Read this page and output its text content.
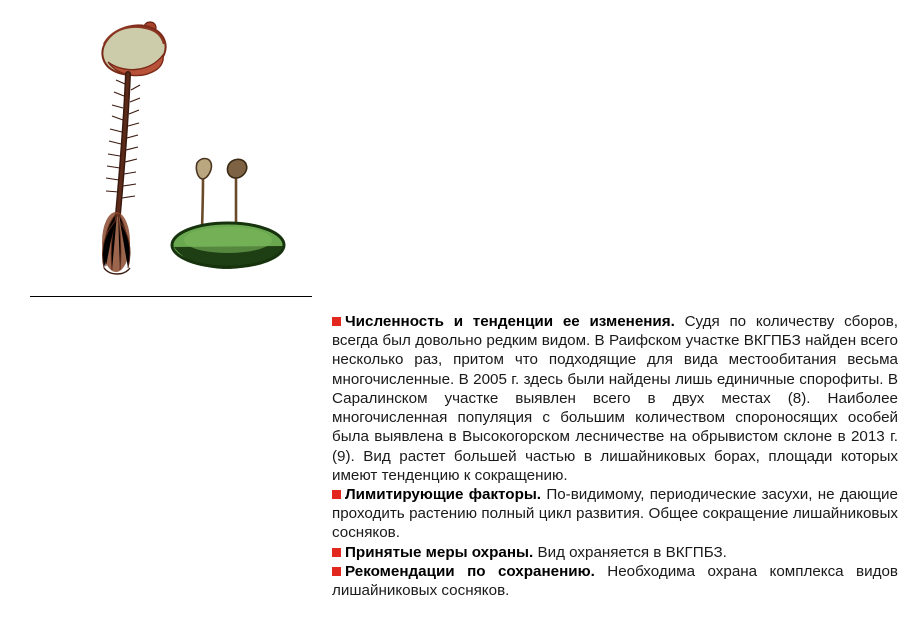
Численность и тенденции ее изменения. Судя по количеству сборов, всегда был довольно редким видом. В Раифском участке ВКГПБЗ найден всего несколько раз, притом что подходящие для вида местообитания весьма многочисленные. В 2005 г. здесь были найдены лишь единичные спорофиты. В Саралинском участке выявлен всего в двух местах (8). Наиболее многочисленная популяция с большим количеством спороносящих особей была выявлена в Высокогорском лесничестве на обрывистом склоне в 2013 г. (9). Вид растет большей частью в лишайниковых борах, площади которых имеют тенденцию к сокращению.

Лимитирующие факторы. По-видимому, периодические засухи, не дающие проходить растению полный цикл развития. Общее сокращение лишайниковых сосняков.

Принятые меры охраны. Вид охраняется в ВКГПБЗ.

Рекомендации по сохранению. Необходима охрана комплекса видов лишайниковых сосняков.
